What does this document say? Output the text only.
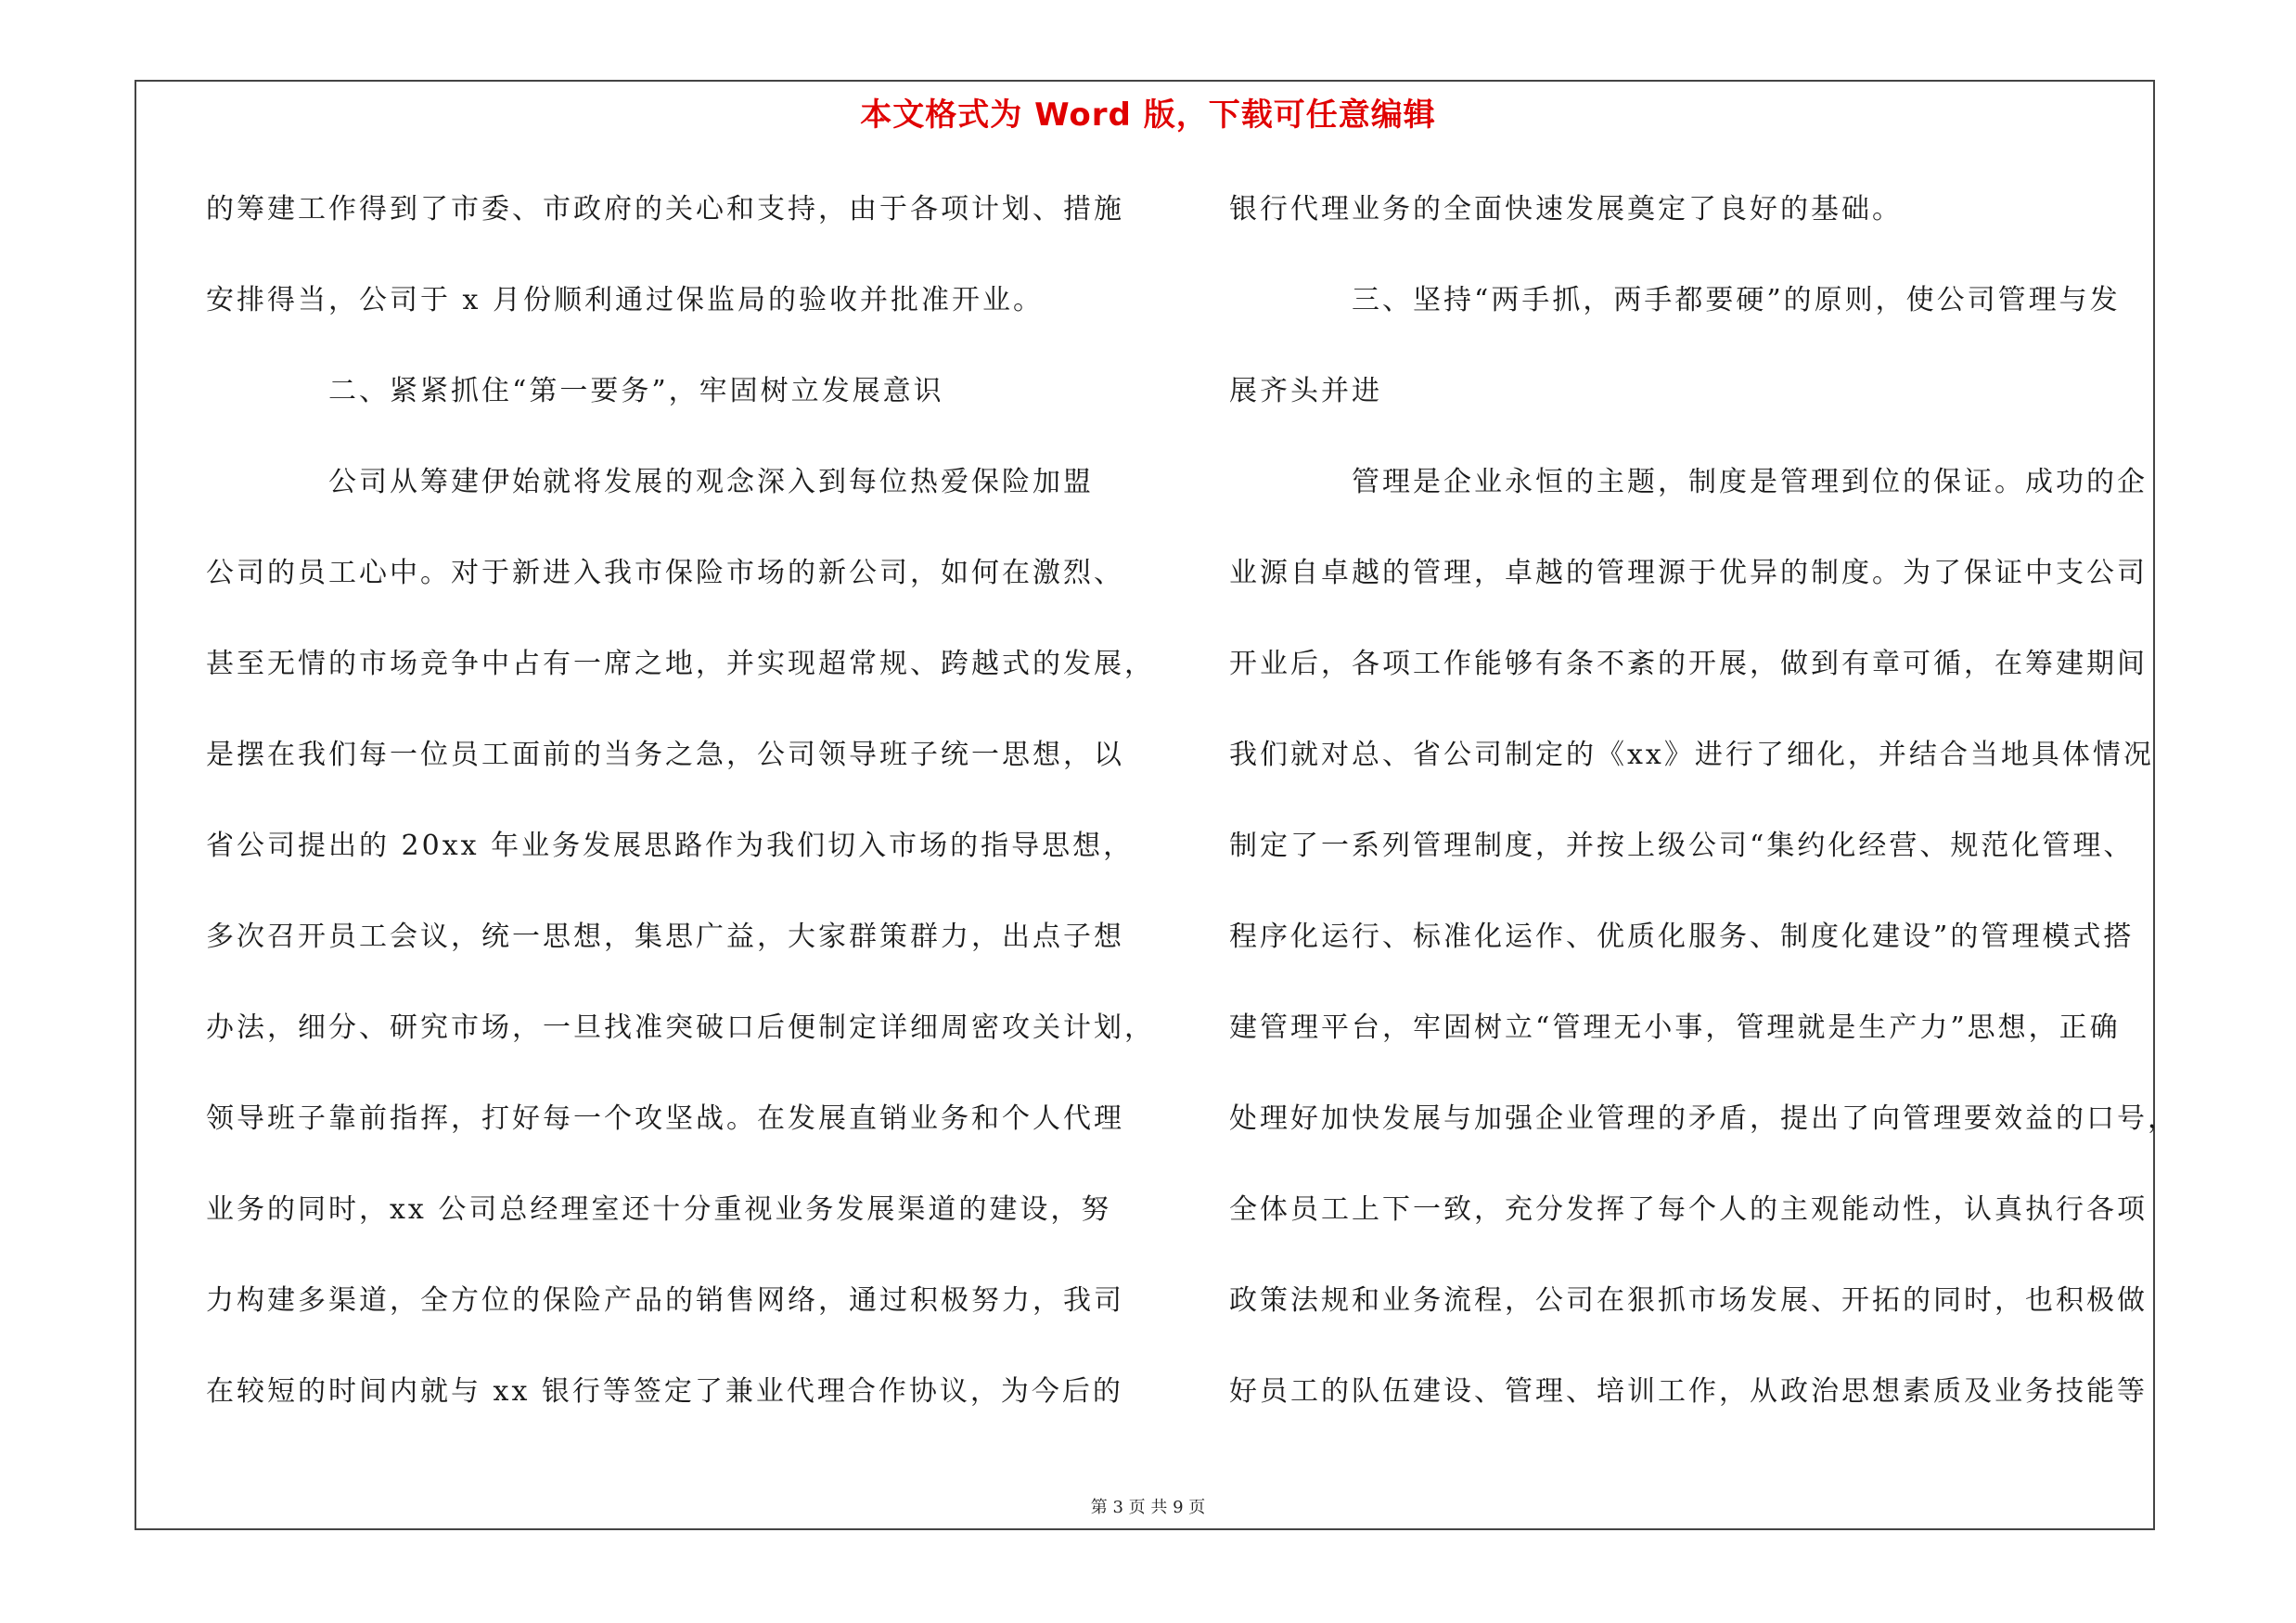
本文格式为 Word 版，下载可任意编辑
的筹建工作得到了市委、市政府的关心和支持，由于各项计划、措施
安排得当，公司于 x 月份顺利通过保监局的验收并批准开业。
二、紧紧抓住“第一要务”，牢固树立发展意识
公司从筹建伊始就将发展的观念深入到每位热爱保险加盟
公司的员工心中。对于新进入我市保险市场的新公司，如何在激烈、
甚至无情的市场竞争中占有一席之地，并实现超常规、跨越式的发展，
是摆在我们每一位员工面前的当务之急，公司领导班子统一思想，以
省公司提出的 20xx 年业务发展思路作为我们切入市场的指导思想，
多次召开员工会议，统一思想，集思广益，大家群策群力，出点子想
办法，细分、研究市场，一旦找准突破口后便制定详细周密攻关计划，
领导班子靠前指挥，打好每一个攻坚战。在发展直销业务和个人代理
业务的同时，xx 公司总经理室还十分重视业务发展渠道的建设，努
力构建多渠道，全方位的保险产品的销售网络，通过积极努力，我司
在较短的时间内就与 xx 银行等签定了兼业代理合作协议，为今后的
银行代理业务的全面快速发展奠定了良好的基础。
三、坚持“两手抓，两手都要硬”的原则，使公司管理与发
展齐头并进
管理是企业永恒的主题，制度是管理到位的保证。成功的企
业源自卓越的管理，卓越的管理源于优异的制度。为了保证中支公司
开业后，各项工作能够有条不紊的开展，做到有章可循，在筹建期间
我们就对总、省公司制定的《xx》进行了细化，并结合当地具体情况
制定了一系列管理制度，并按上级公司“集约化经营、规范化管理、
程序化运行、标准化运作、优质化服务、制度化建设”的管理模式搭
建管理平台，牢固树立“管理无小事，管理就是生产力”思想，正确
处理好加快发展与加强企业管理的矛盾，提出了向管理要效益的口号，
全体员工上下一致，充分发挥了每个人的主观能动性，认真执行各项
政策法规和业务流程，公司在狠抓市场发展、开拓的同时，也积极做
好员工的队伍建设、管理、培训工作，从政治思想素质及业务技能等
第 3 页 共 9 页
